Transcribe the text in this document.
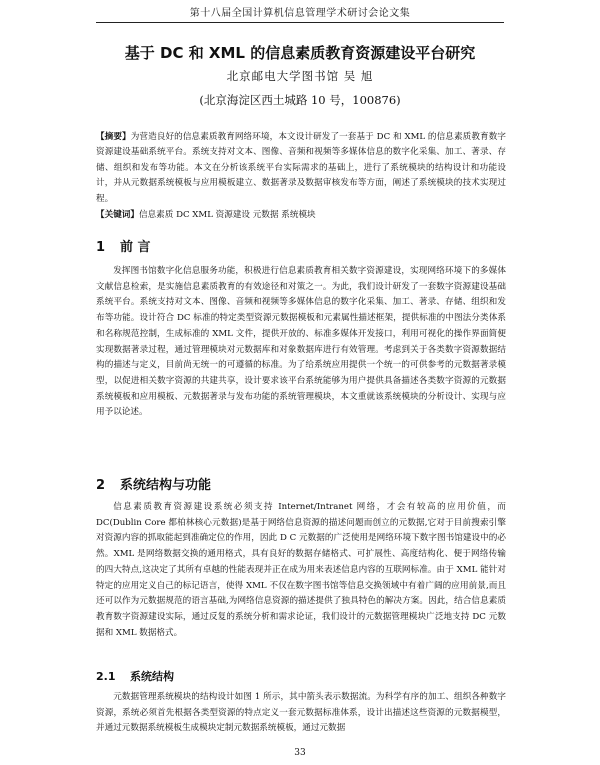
第十八届全国计算机信息管理学术研讨会论文集
基于 DC 和 XML 的信息素质教育资源建设平台研究
北京邮电大学图书馆 吴 旭
(北京海淀区西土城路 10 号，100876)
【摘要】为营造良好的信息素质教育网络环境，本文设计研发了一套基于 DC 和 XML 的信息素质教育数字资源建设基础系统平台。系统支持对文本、图像、音频和视频等多媒体信息的数字化采集、加工、著录、存储、组织和发布等功能。本文在分析该系统平台实际需求的基础上，进行了系统模块的结构设计和功能设计，并从元数据系统模板与应用模板建立、数据著录及数据审核发布等方面，阐述了系统模块的技术实现过程。
【关键词】信息素质 DC XML 资源建设 元数据 系统模块
1 前 言

发挥图书馆数字化信息服务功能，积极进行信息素质教育相关数字资源建设，实现网络环境下的多媒体文献信息检索，是实施信息素质教育的有效途径和对策之一。为此，我们设计研发了一套数字资源建设基础系统平台。系统支持对文本、图像、音频和视频等多媒体信息的数字化采集、加工、著录、存储、组织和发布等功能。设计符合 DC 标准的特定类型资源元数据模板和元素属性描述框架，提供标准的中图法分类体系和名称规范控制，生成标准的 XML 文件，提供开放的、标准多媒体开发接口，利用可视化的操作界面简便实现数据著录过程，通过管理模块对元数据库和对象数据库进行有效管理。考虑到关于各类数字资源数据结构的描述与定义，目前尚无统一的可遵循的标准。为了给系统应用提供一个统一的可供参考的元数据著录模型，以促进相关数字资源的共建共享，设计要求该平台系统能够为用户提供具备描述各类数字资源的元数据系统模板和应用模板、元数据著录与发布功能的系统管理模块，本文重就该系统模块的分析设计、实现与应用予以论述。

2 系统结构与功能

信息素质教育资源建设系统必须支持 Internet/Intranet 网络，才会有较高的应用价值，而 DC(Dublin Core 都柏林核心元数据)是基于网络信息资源的描述问题而创立的元数据,它对于目前搜索引擎对资源内容的抓取能起到准确定位的作用，因此 D C 元数据的广泛使用是网络环境下数字图书馆建设中的必然。XML 是网络数据交换的通用格式，具有良好的数据存储格式、可扩展性、高度结构化、便于网络传输的四大特点,这决定了其所有卓越的性能表现并正在成为用来表述信息内容的互联网标准。由于 XML 能针对特定的应用定义自己的标记语言，使得 XML 不仅在数字图书馆等信息交换领域中有着广阔的应用前景,而且还可以作为元数据规范的语言基础,为网络信息资源的描述提供了独具特色的解决方案。因此，结合信息素质教育数字资源建设实际，通过反复的系统分析和需求论证，我们设计的元数据管理模块广泛地支持 DC 元数据和 XML 数据格式。

2.1 系统结构

元数据管理系统模块的结构设计如图 1 所示，其中箭头表示数据流。为科学有序的加工、组织各种数字资源，系统必须首先根据各类型资源的特点定义一套元数据标准体系，设计出描述这些资源的元数据模型，并通过元数据系统模板生成模块定制元数据系统模板，通过元数据

33
